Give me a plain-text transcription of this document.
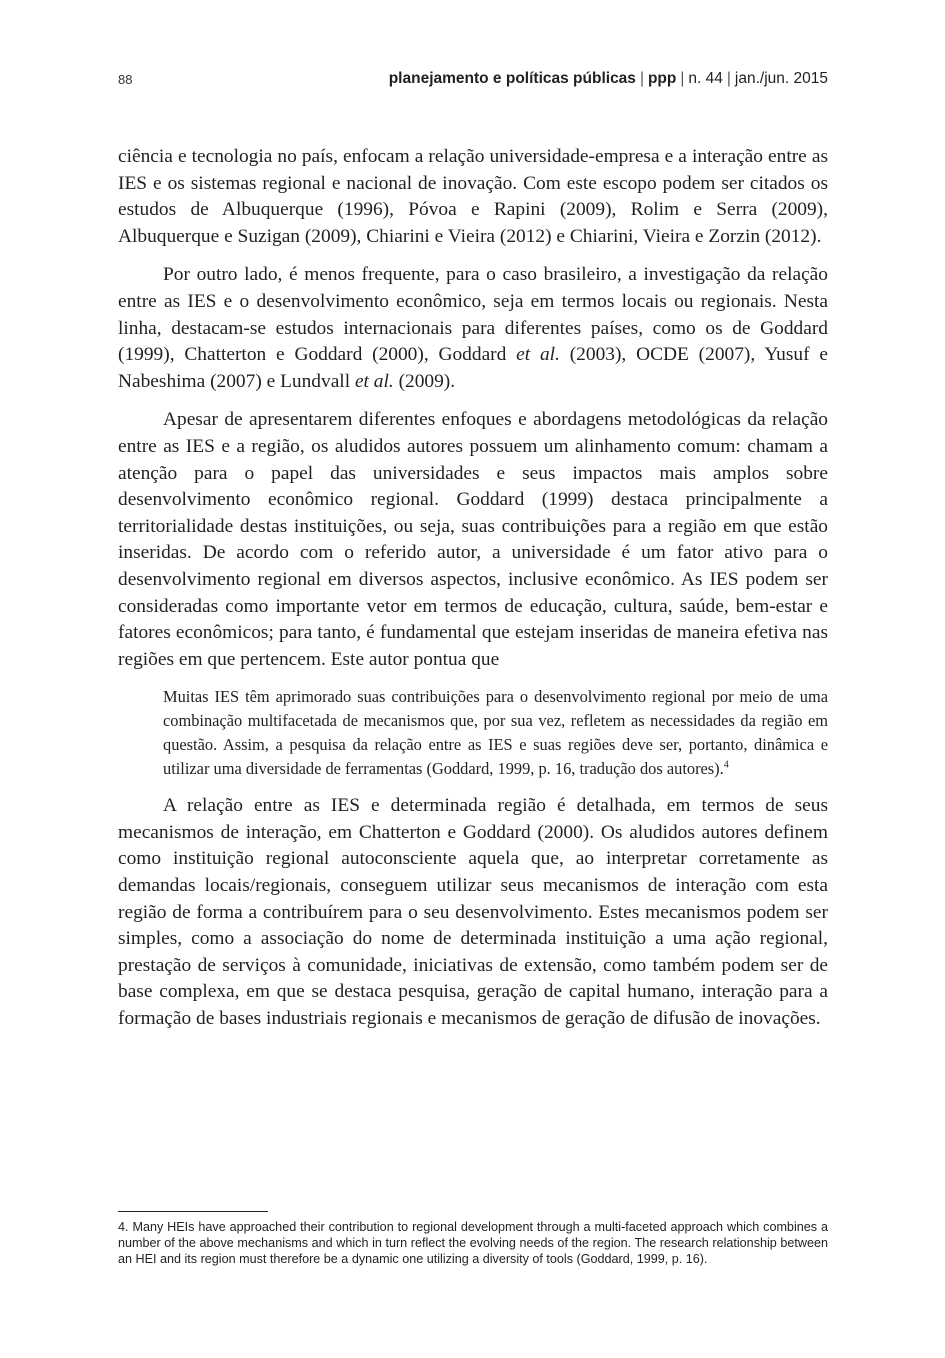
88	planejamento e políticas públicas | ppp | n. 44 | jan./jun. 2015

ciência e tecnologia no país, enfocam a relação universidade-empresa e a interação entre as IES e os sistemas regional e nacional de inovação. Com este escopo podem ser citados os estudos de Albuquerque (1996), Póvoa e Rapini (2009), Rolim e Serra (2009), Albuquerque e Suzigan (2009), Chiarini e Vieira (2012) e Chiarini, Vieira e Zorzin (2012).

Por outro lado, é menos frequente, para o caso brasileiro, a investigação da relação entre as IES e o desenvolvimento econômico, seja em termos locais ou regionais. Nesta linha, destacam-se estudos internacionais para diferentes países, como os de Goddard (1999), Chatterton e Goddard (2000), Goddard et al. (2003), OCDE (2007), Yusuf e Nabeshima (2007) e Lundvall et al. (2009).

Apesar de apresentarem diferentes enfoques e abordagens metodológicas da relação entre as IES e a região, os aludidos autores possuem um alinhamento comum: chamam a atenção para o papel das universidades e seus impactos mais amplos sobre desenvolvimento econômico regional. Goddard (1999) destaca principalmente a territorialidade destas instituições, ou seja, suas contribuições para a região em que estão inseridas. De acordo com o referido autor, a universidade é um fator ativo para o desenvolvimento regional em diversos aspectos, inclusive econômico. As IES podem ser consideradas como importante vetor em termos de educação, cultura, saúde, bem-estar e fatores econômicos; para tanto, é fundamental que estejam inseridas de maneira efetiva nas regiões em que pertencem. Este autor pontua que

Muitas IES têm aprimorado suas contribuições para o desenvolvimento regional por meio de uma combinação multifacetada de mecanismos que, por sua vez, refletem as necessidades da região em questão. Assim, a pesquisa da relação entre as IES e suas regiões deve ser, portanto, dinâmica e utilizar uma diversidade de ferramentas (Goddard, 1999, p. 16, tradução dos autores).$^4$

A relação entre as IES e determinada região é detalhada, em termos de seus mecanismos de interação, em Chatterton e Goddard (2000). Os aludidos autores definem como instituição regional autoconsciente aquela que, ao interpretar corretamente as demandas locais/regionais, conseguem utilizar seus mecanismos de interação com esta região de forma a contribuírem para o seu desenvolvimento. Estes mecanismos podem ser simples, como a associação do nome de determinada instituição a uma ação regional, prestação de serviços à comunidade, iniciativas de extensão, como também podem ser de base complexa, em que se destaca pesquisa, geração de capital humano, interação para a formação de bases industriais regionais e mecanismos de geração de difusão de inovações.

4. Many HEIs have approached their contribution to regional development through a multi-faceted approach which combines a number of the above mechanisms and which in turn reflect the evolving needs of the region. The research relationship between an HEI and its region must therefore be a dynamic one utilizing a diversity of tools (Goddard, 1999, p. 16).
